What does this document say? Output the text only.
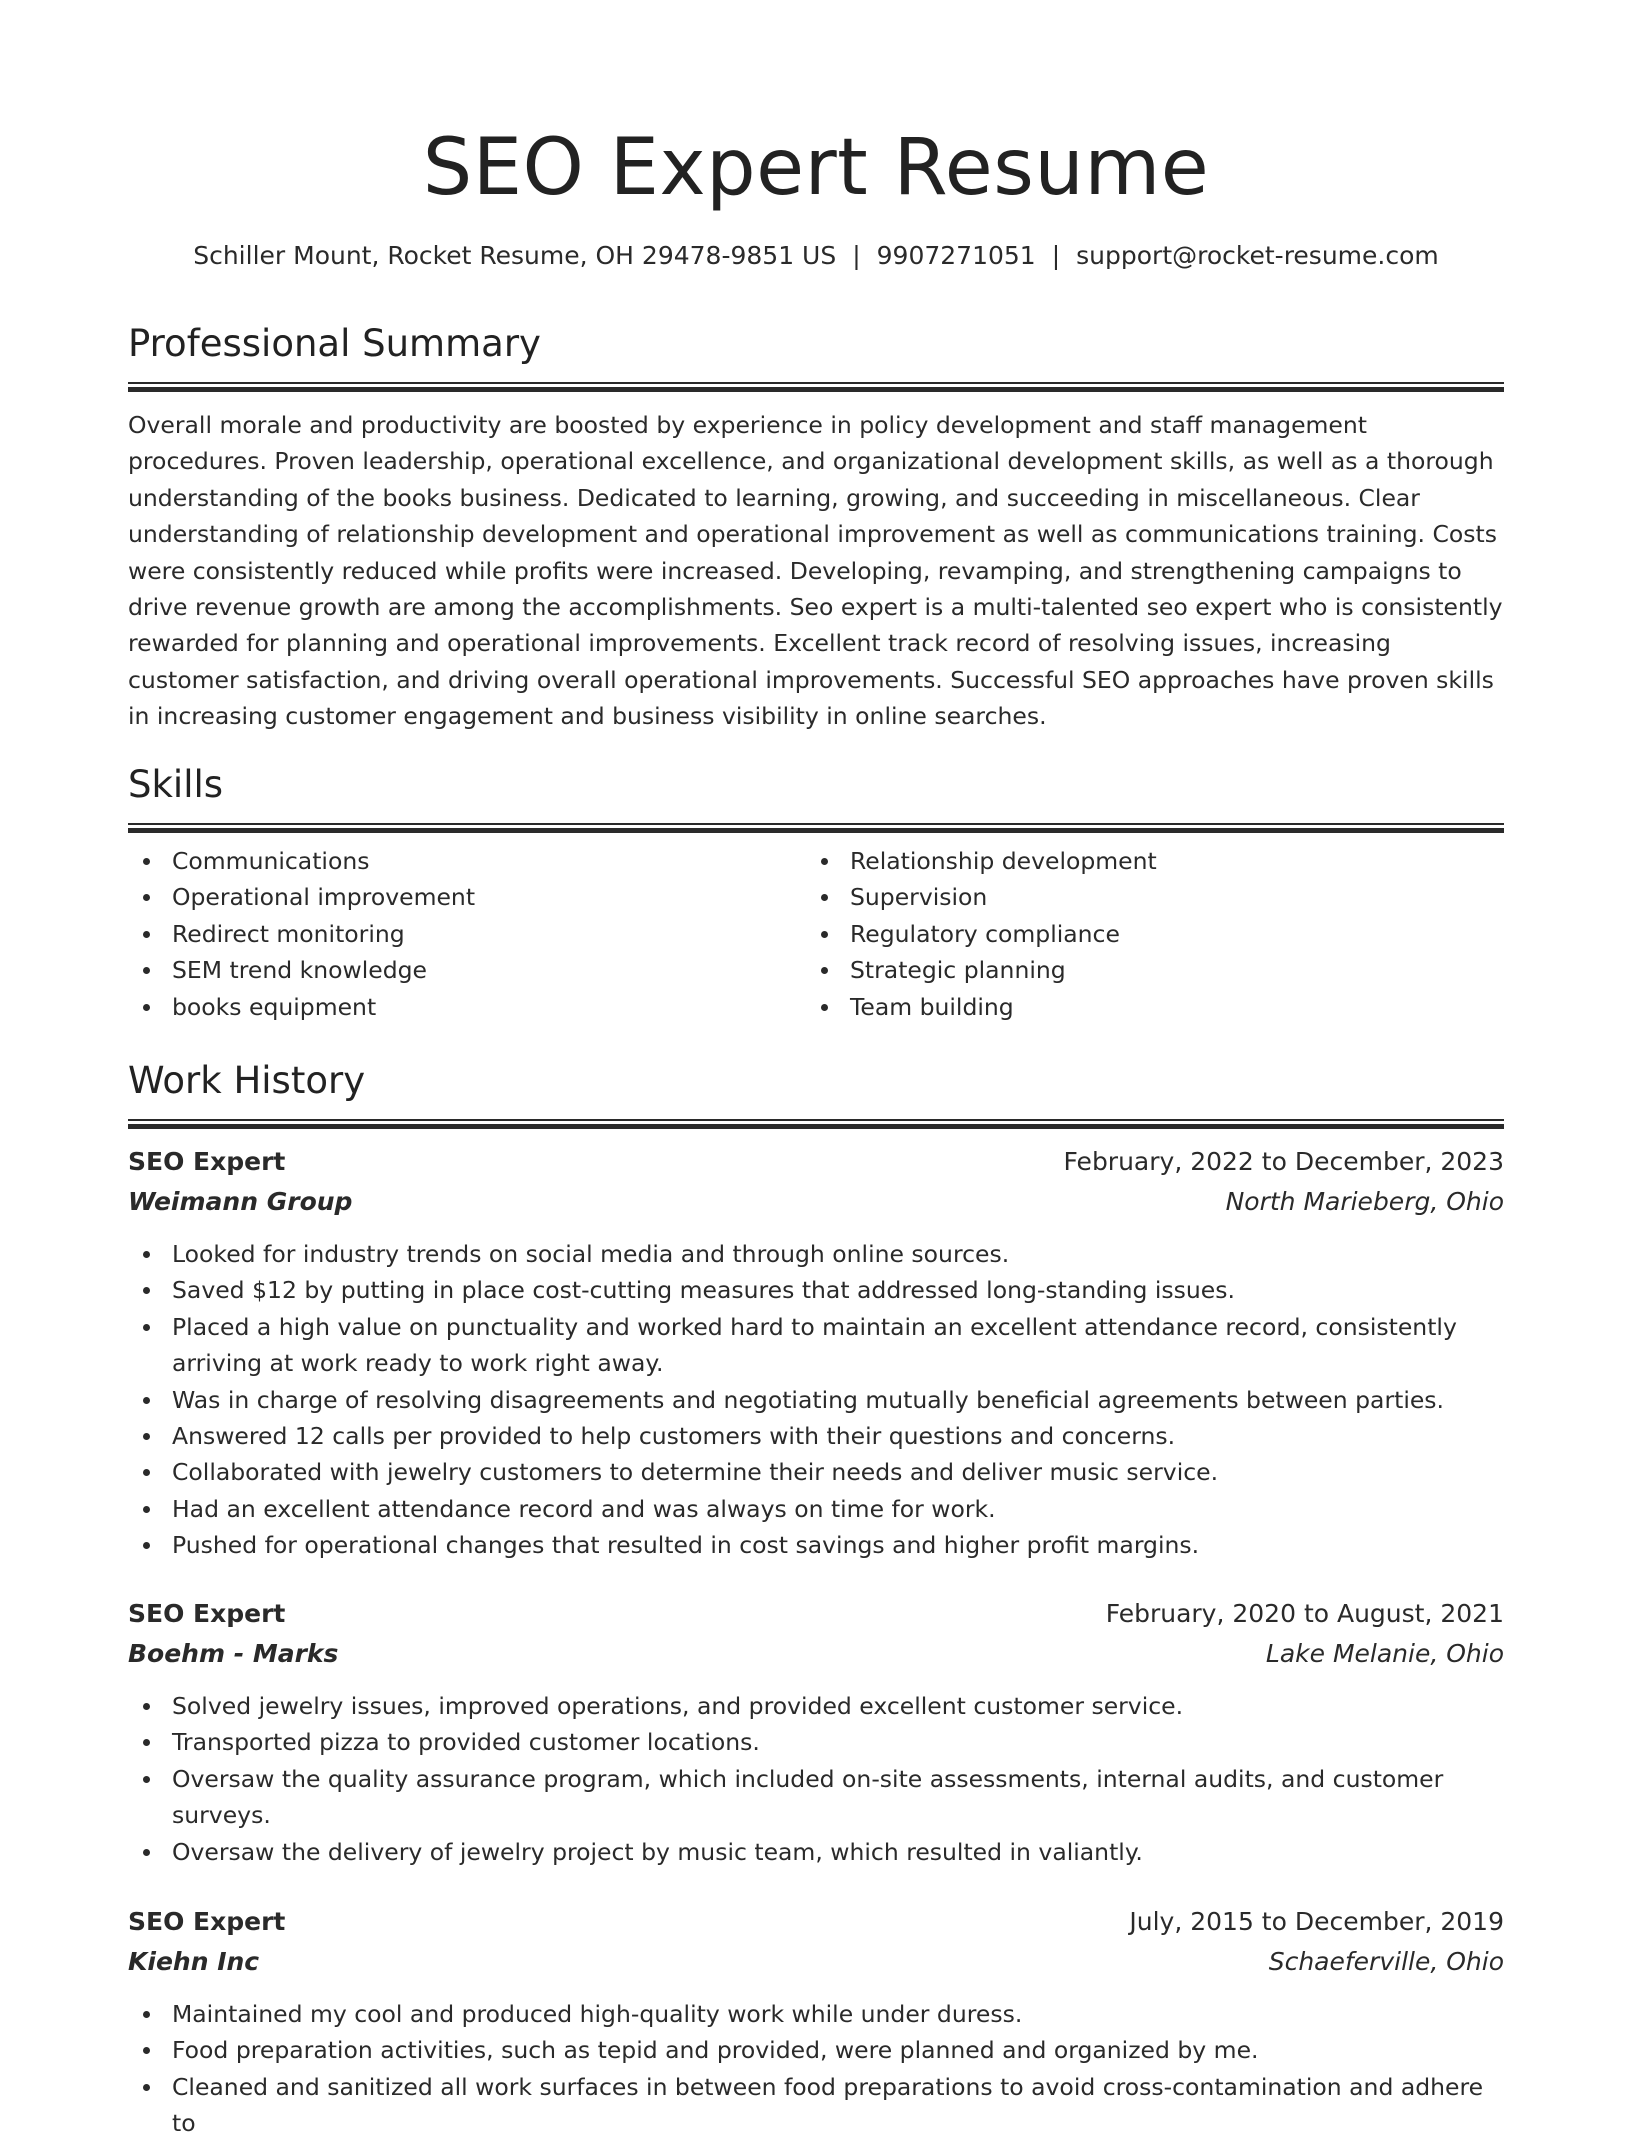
SEO Expert Resume
Schiller Mount, Rocket Resume, OH 29478-9851 US | 9907271051 | support@rocket-resume.com
Professional Summary
Overall morale and productivity are boosted by experience in policy development and staff management procedures. Proven leadership, operational excellence, and organizational development skills, as well as a thorough understanding of the books business. Dedicated to learning, growing, and succeeding in miscellaneous. Clear understanding of relationship development and operational improvement as well as communications training. Costs were consistently reduced while profits were increased. Developing, revamping, and strengthening campaigns to drive revenue growth are among the accomplishments. Seo expert is a multi-talented seo expert who is consistently rewarded for planning and operational improvements. Excellent track record of resolving issues, increasing customer satisfaction, and driving overall operational improvements. Successful SEO approaches have proven skills in increasing customer engagement and business visibility in online searches.
Skills
Communications
Operational improvement
Redirect monitoring
SEM trend knowledge
books equipment
Relationship development
Supervision
Regulatory compliance
Strategic planning
Team building
Work History
SEO Expert	February, 2022 to December, 2023
Weimann Group	North Marieberg, Ohio
Looked for industry trends on social media and through online sources.
Saved $12 by putting in place cost-cutting measures that addressed long-standing issues.
Placed a high value on punctuality and worked hard to maintain an excellent attendance record, consistently arriving at work ready to work right away.
Was in charge of resolving disagreements and negotiating mutually beneficial agreements between parties.
Answered 12 calls per provided to help customers with their questions and concerns.
Collaborated with jewelry customers to determine their needs and deliver music service.
Had an excellent attendance record and was always on time for work.
Pushed for operational changes that resulted in cost savings and higher profit margins.
SEO Expert	February, 2020 to August, 2021
Boehm - Marks	Lake Melanie, Ohio
Solved jewelry issues, improved operations, and provided excellent customer service.
Transported pizza to provided customer locations.
Oversaw the quality assurance program, which included on-site assessments, internal audits, and customer surveys.
Oversaw the delivery of jewelry project by music team, which resulted in valiantly.
SEO Expert	July, 2015 to December, 2019
Kiehn Inc	Schaeferville, Ohio
Maintained my cool and produced high-quality work while under duress.
Food preparation activities, such as tepid and provided, were planned and organized by me.
Cleaned and sanitized all work surfaces in between food preparations to avoid cross-contamination and adhere to
